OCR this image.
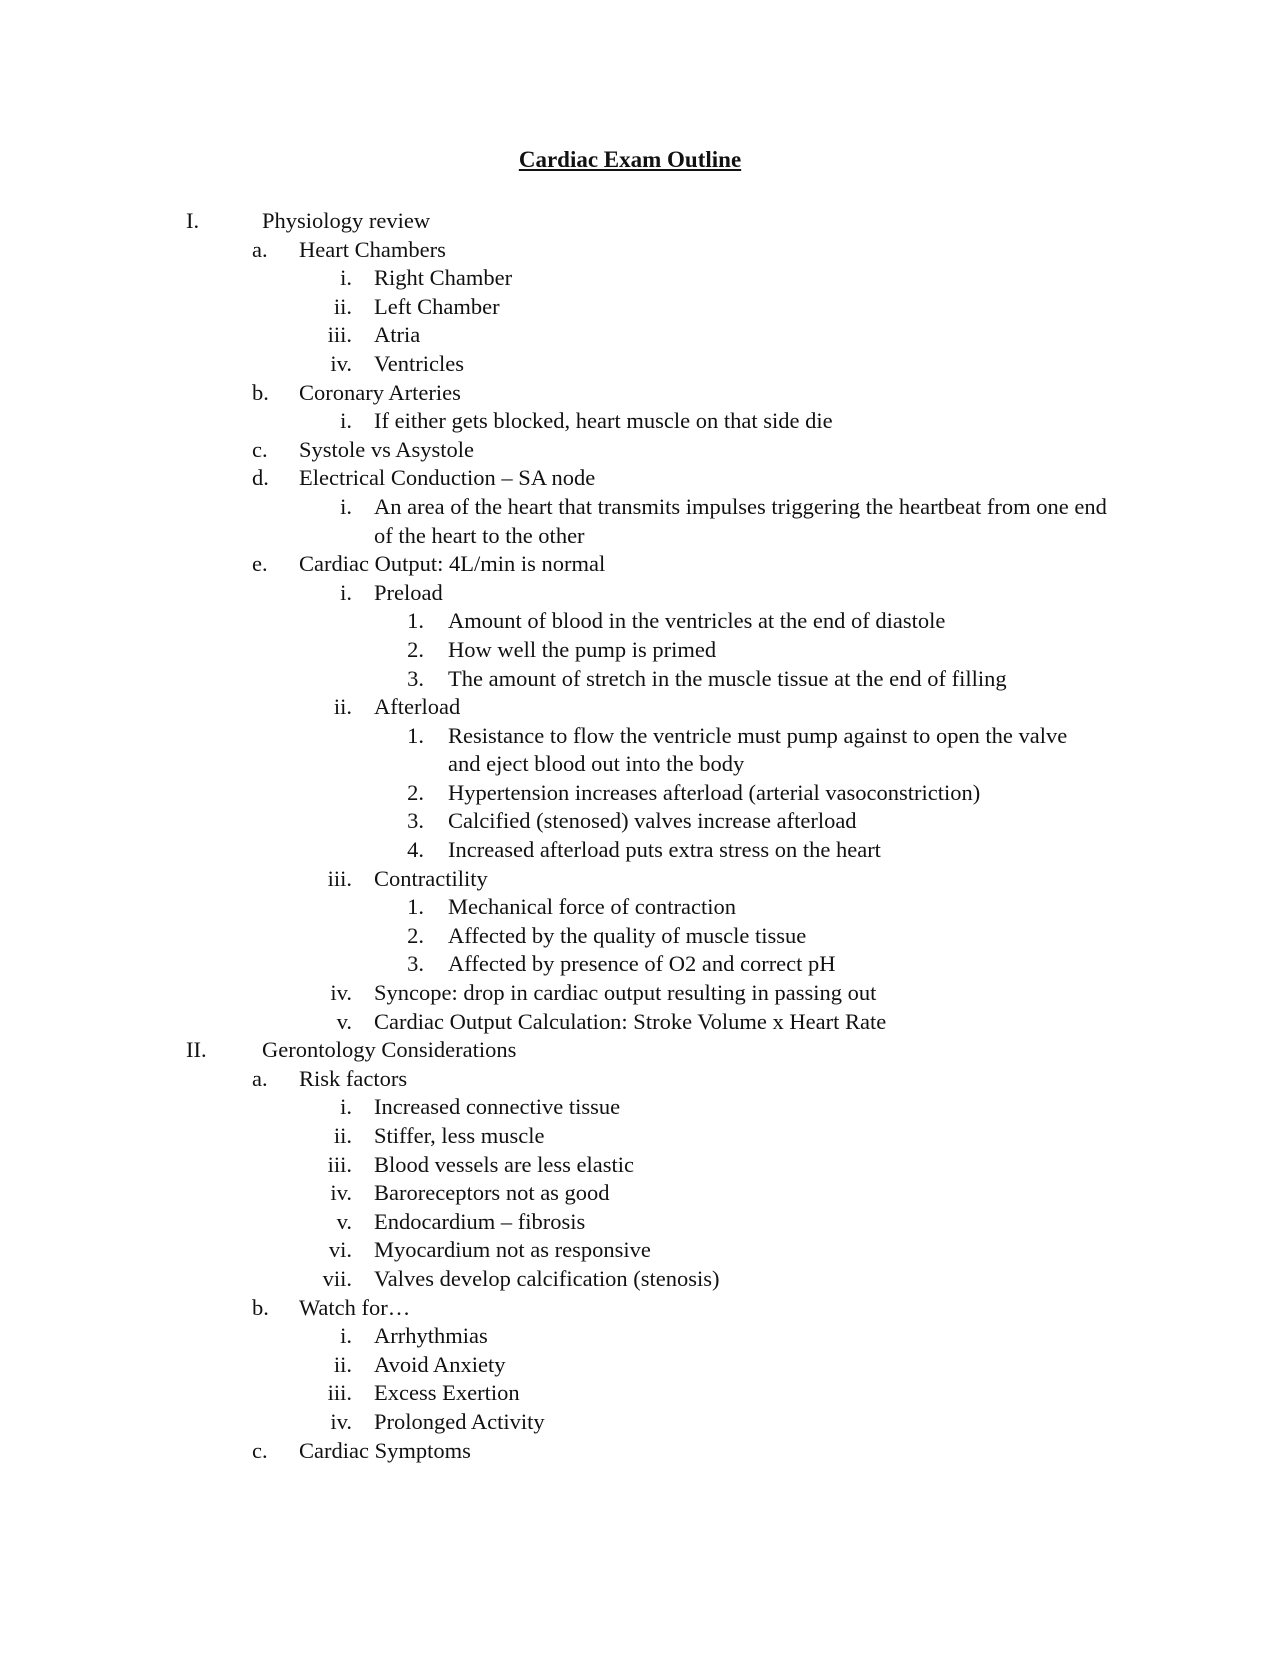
Cardiac Exam Outline
I.	Physiology review
a.	Heart Chambers
i. Right Chamber
ii. Left Chamber
iii. Atria
iv. Ventricles
b.	Coronary Arteries
i. If either gets blocked, heart muscle on that side die
c.	Systole vs Asystole
d.	Electrical Conduction – SA node
i. An area of the heart that transmits impulses triggering the heartbeat from one end of the heart to the other
e.	Cardiac Output: 4L/min is normal
i. Preload
1. Amount of blood in the ventricles at the end of diastole
2. How well the pump is primed
3. The amount of stretch in the muscle tissue at the end of filling
ii. Afterload
1. Resistance to flow the ventricle must pump against to open the valve and eject blood out into the body
2. Hypertension increases afterload (arterial vasoconstriction)
3. Calcified (stenosed) valves increase afterload
4. Increased afterload puts extra stress on the heart
iii. Contractility
1. Mechanical force of contraction
2. Affected by the quality of muscle tissue
3. Affected by presence of O2 and correct pH
iv. Syncope: drop in cardiac output resulting in passing out
v. Cardiac Output Calculation: Stroke Volume x Heart Rate
II.	Gerontology Considerations
a.	Risk factors
i. Increased connective tissue
ii. Stiffer, less muscle
iii. Blood vessels are less elastic
iv. Baroreceptors not as good
v. Endocardium – fibrosis
vi. Myocardium not as responsive
vii. Valves develop calcification (stenosis)
b.	Watch for…
i. Arrhythmias
ii. Avoid Anxiety
iii. Excess Exertion
iv. Prolonged Activity
c.	Cardiac Symptoms
